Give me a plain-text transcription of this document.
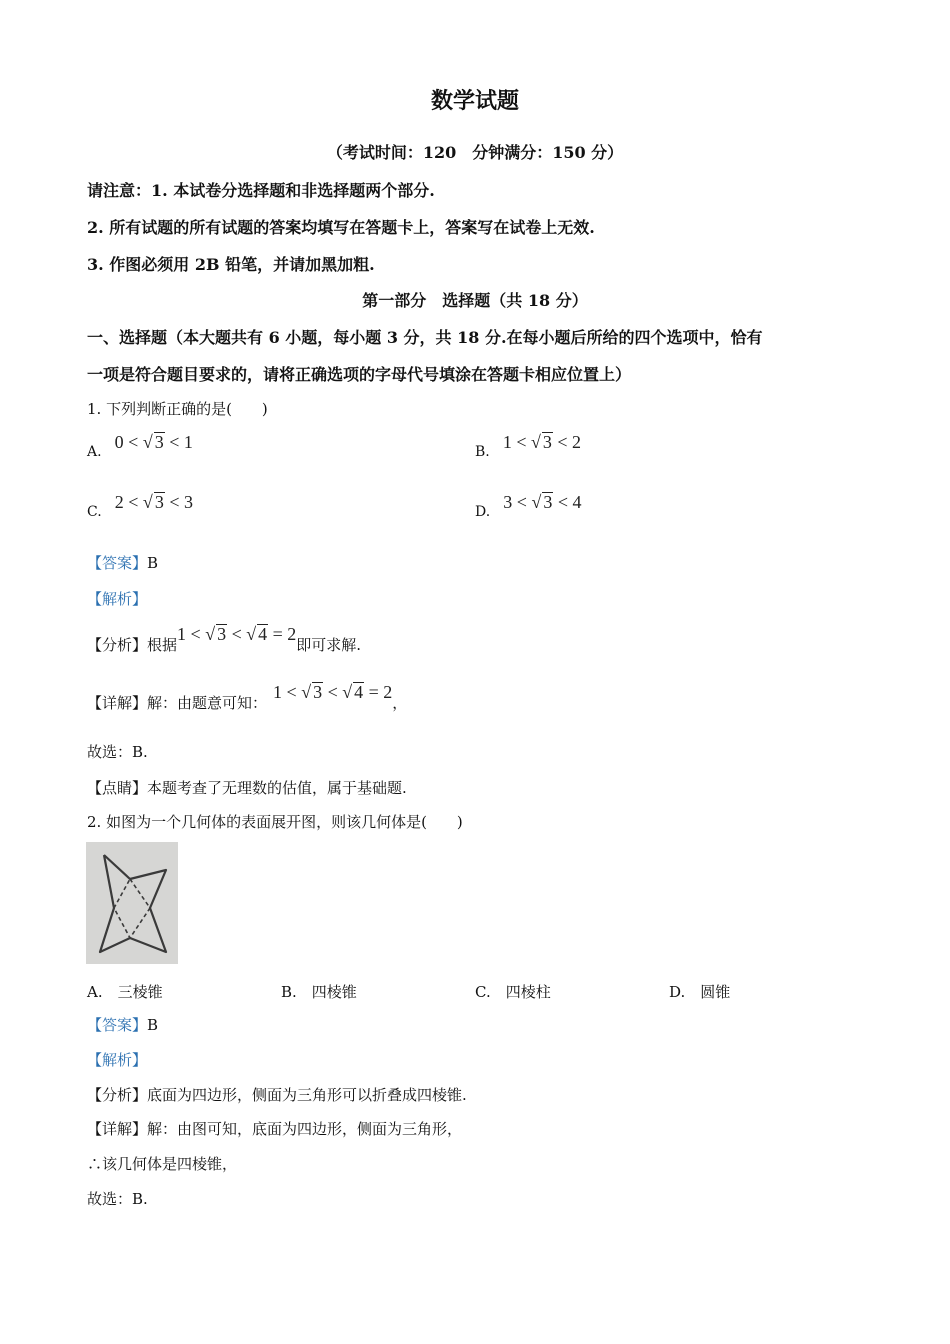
数学试题
（考试时间：120　分钟满分：150 分）
请注意：1. 本试卷分选择题和非选择题两个部分.
2. 所有试题的所有试题的答案均填写在答题卡上，答案写在试卷上无效.
3. 作图必须用 2B 铅笔，并请加黑加粗.
第一部分　选择题（共 18 分）
一、选择题（本大题共有 6 小题，每小题 3 分，共 18 分.在每小题后所给的四个选项中，恰有
一项是符合题目要求的，请将正确选项的字母代号填涂在答题卡相应位置上）
1. 下列判断正确的是(　　)
A. 0 < √ 3 < 1	B. 1 < √ 3 < 2
C. 2 < √ 3 < 3	D. 3 < √ 3 < 4
【答案】B
【解析】
【分析】根据1 < √ 3 < √ 4 = 2即可求解.
【详解】解：由题意可知：1 < √ 3 < √ 4 = 2，
故选：B.
【点睛】本题考查了无理数的估值，属于基础题.
2. 如图为一个几何体的表面展开图，则该几何体是(　　)
A.　三棱锥	B.　四棱锥	C.　四棱柱	D.　圆锥
【答案】B
【解析】
【分析】底面为四边形，侧面为三角形可以折叠成四棱锥.
【详解】解：由图可知，底面为四边形，侧面为三角形，
∴该几何体是四棱锥，
故选：B.
